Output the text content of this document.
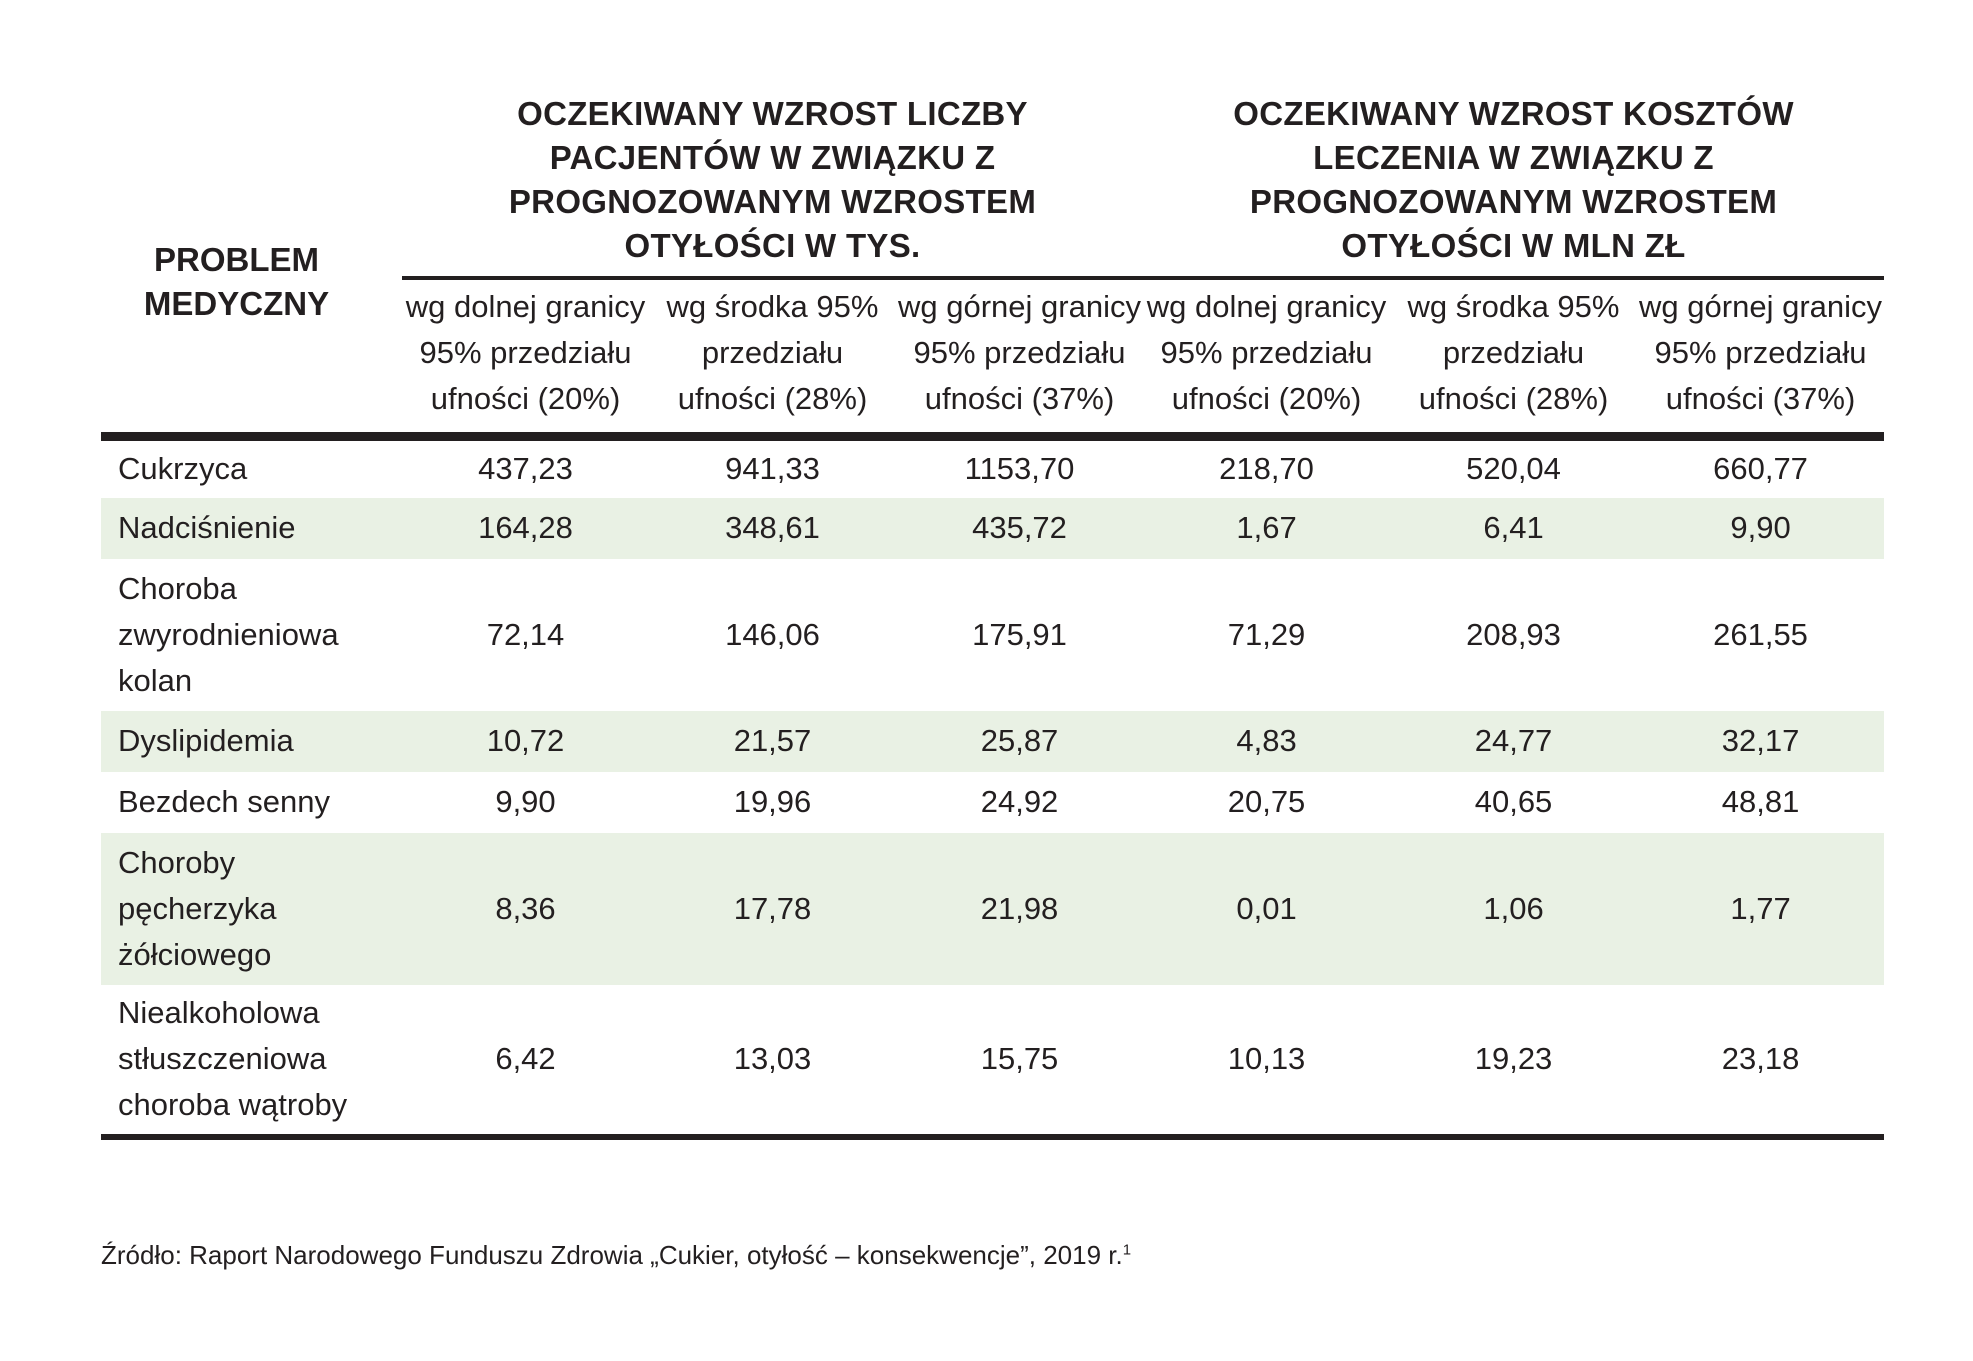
PROBLEM MEDYCZNY	OCZEKIWANY WZROST LICZBY PACJENTÓW W ZWIĄZKU Z PROGNOZOWANYM WZROSTEM OTYŁOŚCI W TYS.			OCZEKIWANY WZROST KOSZTÓW LECZENIA W ZWIĄZKU Z PROGNOZOWANYM WZROSTEM OTYŁOŚCI W MLN ZŁ		
	wg dolnej granicy 95% przedziału ufności (20%)	wg środka 95% przedziału ufności (28%)	wg górnej granicy 95% przedziału ufności (37%)	wg dolnej granicy 95% przedziału ufności (20%)	wg środka 95% przedziału ufności (28%)	wg górnej granicy 95% przedziału ufności (37%)
Cukrzyca	437,23	941,33	1153,70	218,70	520,04	660,77
Nadciśnienie	164,28	348,61	435,72	1,67	6,41	9,90
Choroba zwyrodnieniowa kolan	72,14	146,06	175,91	71,29	208,93	261,55
Dyslipidemia	10,72	21,57	25,87	4,83	24,77	32,17
Bezdech senny	9,90	19,96	24,92	20,75	40,65	48,81
Choroby pęcherzyka żółciowego	8,36	17,78	21,98	0,01	1,06	1,77
Niealkoholowa stłuszczeniowa choroba wątroby	6,42	13,03	15,75	10,13	19,23	23,18
Źródło: Raport Narodowego Funduszu Zdrowia „Cukier, otyłość – konsekwencje”, 2019 r.$^1$
